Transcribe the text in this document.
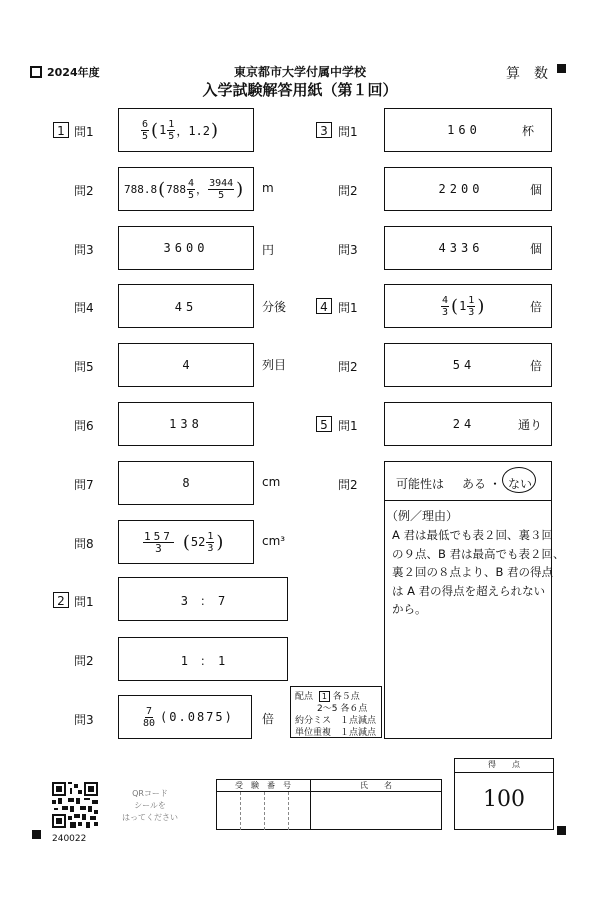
2024年度	東京都市大学付属中学校
入学試験解答用紙（第１回）
算　数
1 問1	$\frac{6}{5}$ ( $1 \frac{1}{5}$ ，1.2 )
問2	788.8 ( $788 \frac{4}{5}$ ， $\frac{3944}{5}$ ) m
問3	3600	円
問4	45	分後
問5	4	列目
問6	138
問7	8	cm
問8	$\frac{157}{3}$ ( $52 \frac{1}{3}$ )	cm³
2 問1	3　：　7
問2	1　：　1
問3	$\frac{7}{80} (0.0875)$ 倍
配点 1 各５点
2～5 各６点
約分ミス　１点減点
単位重複　１点減点
3 問1	160	杯
問2	2200	個
問3	4336	個
4 問1	$\frac{4}{3}$ ( $1 \frac{1}{3}$ )	倍
問2	54	倍
5 問1	24	通り
問2	可能性は ある ・ ない
（例／理由）
A 君は最低でも表２回、裏３回
の９点、B 君は最高でも表２回、
裏２回の８点より、B 君の得点
は A 君の得点を超えられない
から。
QRコード
シールを
はってください
240022
受　験　番　号	氏　　名
得　　点
100
